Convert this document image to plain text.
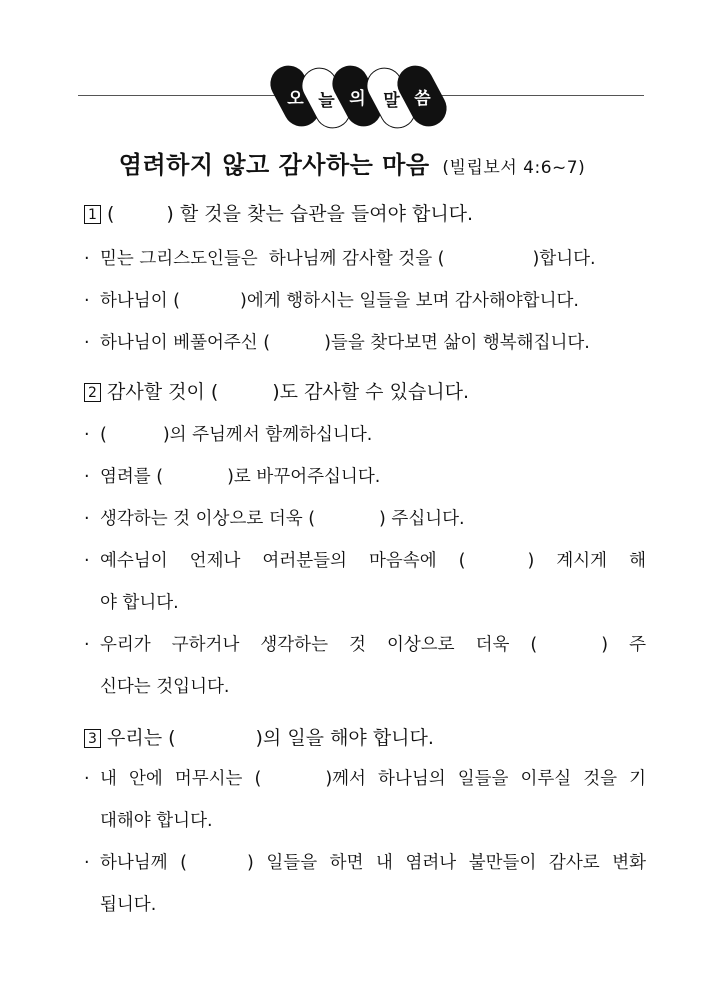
오 늘 의 말 씀
염려하지 않고 감사하는 마음 (빌립보서 4:6~7)
1 (	) 할 것을 찾는 습관을 들여야 합니다.
· 믿는 그리스도인들은  하나님께 감사할 것을 (	)합니다.
· 하나님이 (	)에게 행하시는 일들을 보며 감사해야합니다.
· 하나님이 베풀어주신 (	)들을 찾다보면 삶이 행복해집니다.
2 감사할 것이 (	)도 감사할 수 있습니다.
· (	)의 주님께서 함께하십니다.
· 염려를 (	)로 바꾸어주십니다.
· 생각하는 것 이상으로 더욱 (	) 주십니다.
· 예수님이 언제나 여러분들의 마음속에 (	) 계시게 해
야 합니다.
· 우리가 구하거나 생각하는 것 이상으로 더욱 (	) 주
신다는 것입니다.
3 우리는 (	)의 일을 해야 합니다.
· 내 안에 머무시는 (	)께서 하나님의 일들을 이루실 것을 기
대해야 합니다.
· 하나님께 (	) 일들을 하면 내 염려나 불만들이 감사로 변화
됩니다.
